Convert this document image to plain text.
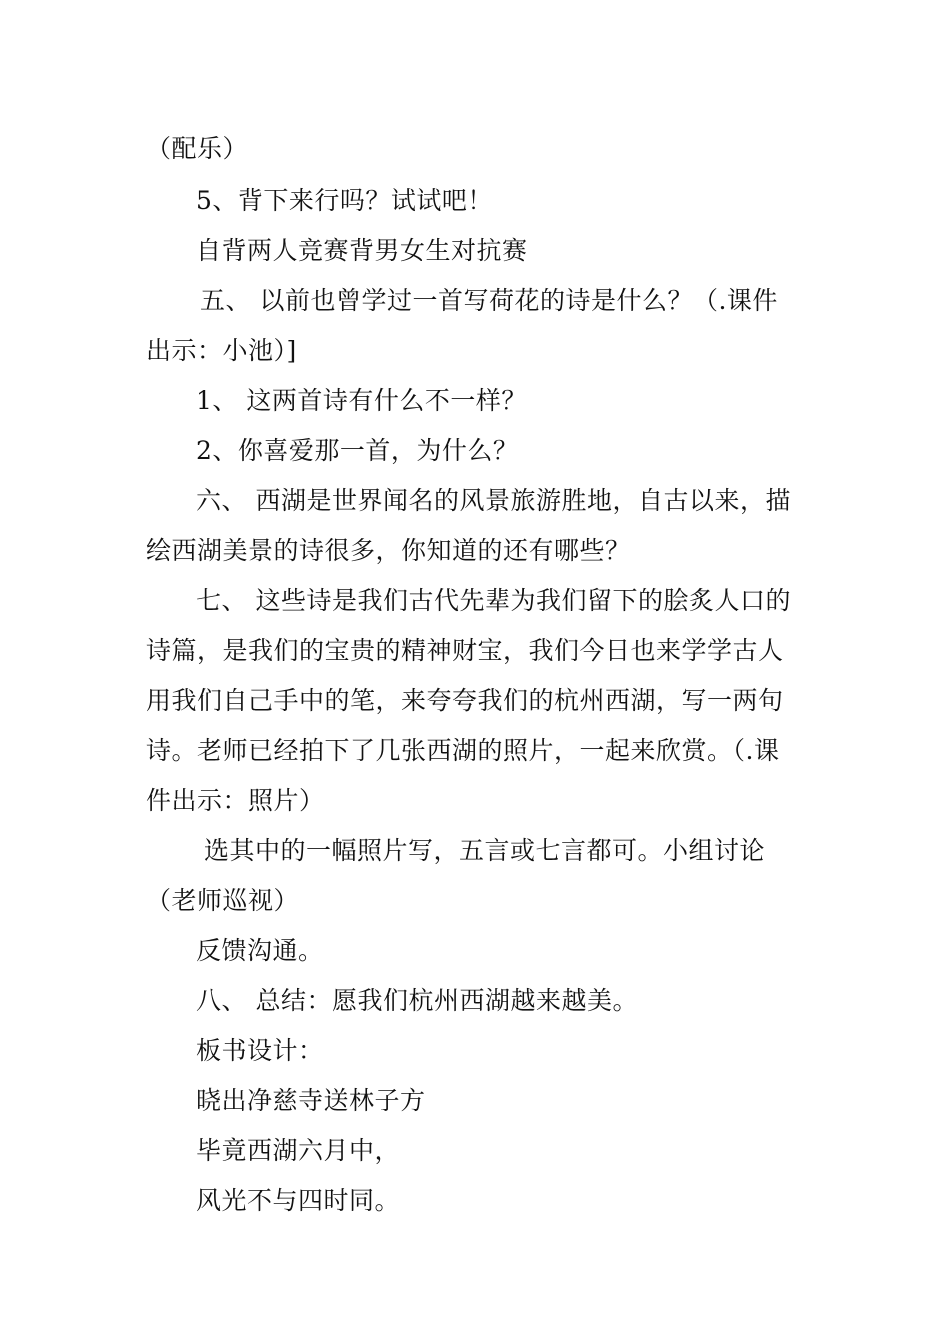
（配乐）
5、背下来行吗？试试吧！
自背两人竞赛背男女生对抗赛
五、 以前也曾学过一首写荷花的诗是什么？（.课件
出示：小池）]
1、 这两首诗有什么不一样？
2、你喜爱那一首，为什么？
六、 西湖是世界闻名的风景旅游胜地，自古以来，描
绘西湖美景的诗很多，你知道的还有哪些？
七、 这些诗是我们古代先辈为我们留下的脍炙人口的
诗篇，是我们的宝贵的精神财宝，我们今日也来学学古人
用我们自己手中的笔，来夸夸我们的杭州西湖，写一两句
诗。老师已经拍下了几张西湖的照片，一起来欣赏。（.课
件出示：照片）
选其中的一幅照片写，五言或七言都可。小组讨论
（老师巡视）
反馈沟通。
八、 总结：愿我们杭州西湖越来越美。
板书设计：
晓出净慈寺送林子方
毕竟西湖六月中，
风光不与四时同。
